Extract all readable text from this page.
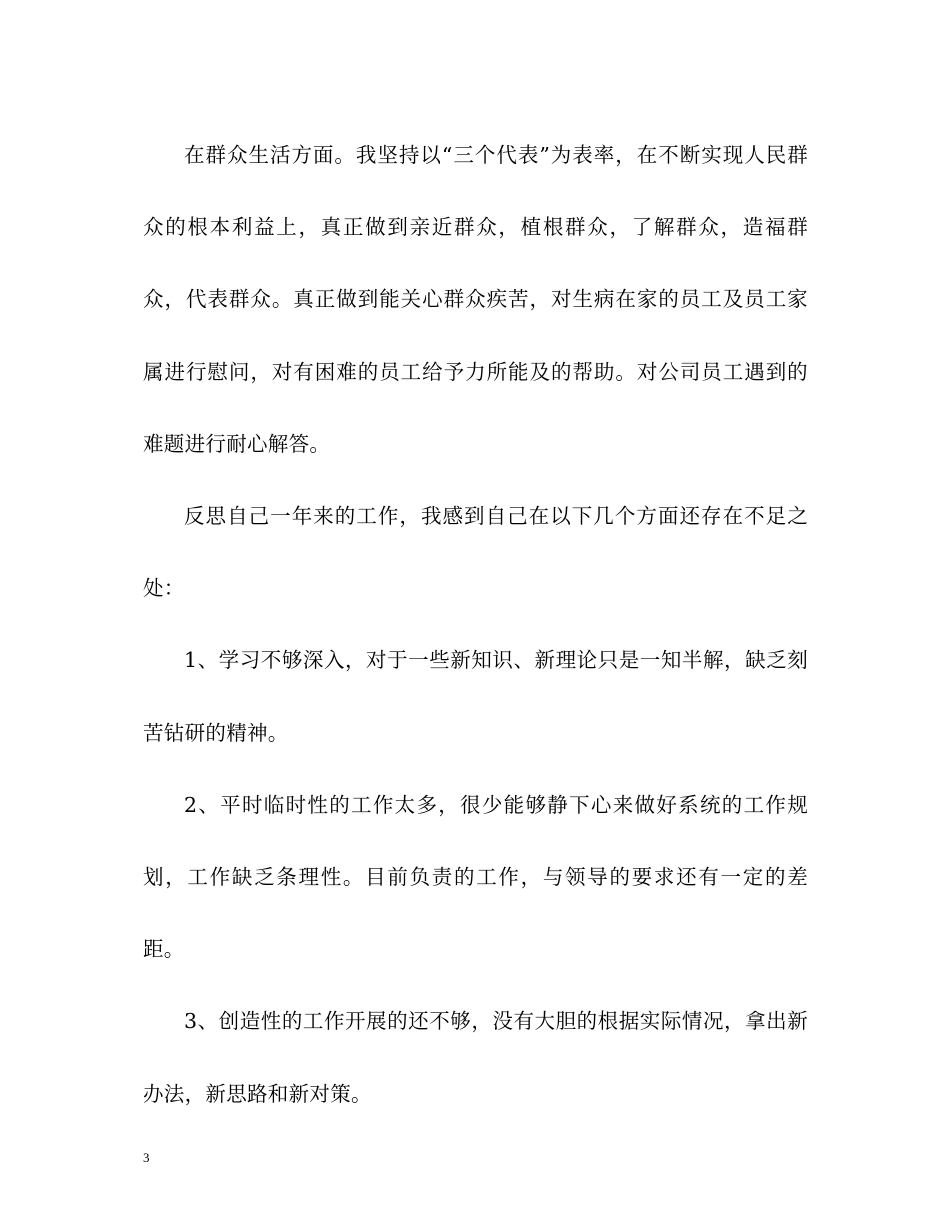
在群众生活方面。我坚持以“三个代表”为表率，在不断实现人民群众的根本利益上，真正做到亲近群众，植根群众，了解群众，造福群众，代表群众。真正做到能关心群众疾苦，对生病在家的员工及员工家属进行慰问，对有困难的员工给予力所能及的帮助。对公司员工遇到的难题进行耐心解答。

反思自己一年来的工作，我感到自己在以下几个方面还存在不足之处：

1、学习不够深入，对于一些新知识、新理论只是一知半解，缺乏刻苦钻研的精神。

2、平时临时性的工作太多，很少能够静下心来做好系统的工作规划，工作缺乏条理性。目前负责的工作，与领导的要求还有一定的差距。

3、创造性的工作开展的还不够，没有大胆的根据实际情况，拿出新办法，新思路和新对策。

3
